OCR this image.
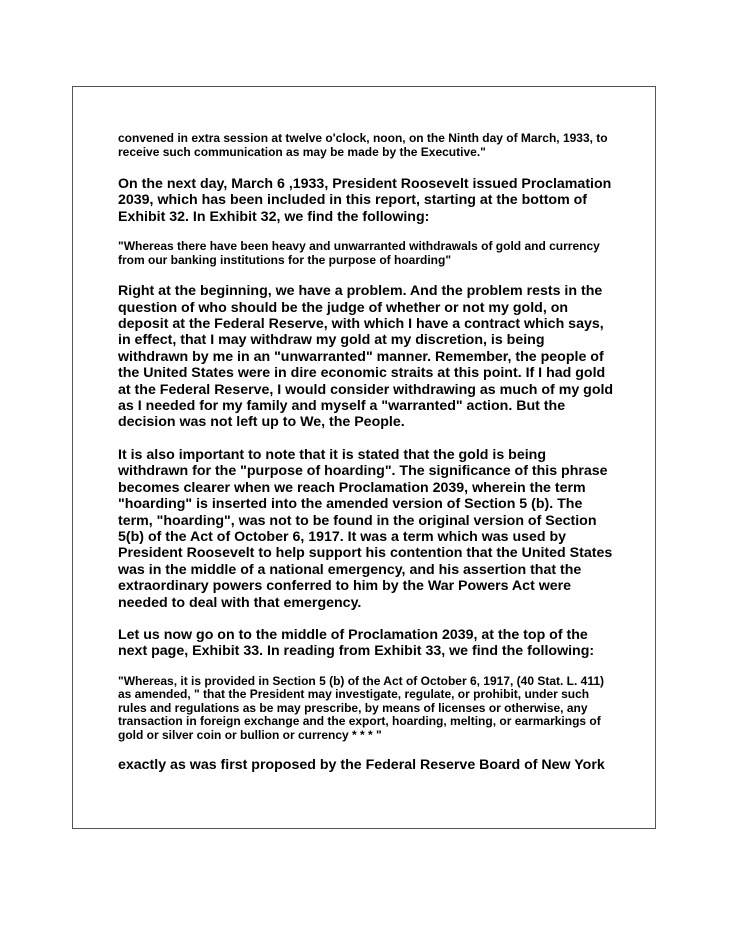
convened in extra session at twelve o'clock, noon, on the Ninth day of March, 1933, to receive such communication as may be made by the Executive."

On the next day, March 6 ,1933, President Roosevelt issued Proclamation 2039, which has been included in this report, starting at the bottom of Exhibit 32. In Exhibit 32, we find the following:

"Whereas there have been heavy and unwarranted withdrawals of gold and currency from our banking institutions for the purpose of hoarding"

Right at the beginning, we have a problem. And the problem rests in the question of who should be the judge of whether or not my gold, on deposit at the Federal Reserve, with which I have a contract which says, in effect, that I may withdraw my gold at my discretion, is being withdrawn by me in an "unwarranted" manner. Remember, the people of the United States were in dire economic straits at this point. If I had gold at the Federal Reserve, I would consider withdrawing as much of my gold as I needed for my family and myself a "warranted" action. But the decision was not left up to We, the People.

It is also important to note that it is stated that the gold is being withdrawn for the "purpose of hoarding". The significance of this phrase becomes clearer when we reach Proclamation 2039, wherein the term "hoarding" is inserted into the amended version of Section 5 (b). The term, "hoarding", was not to be found in the original version of Section 5(b) of the Act of October 6, 1917. It was a term which was used by President Roosevelt to help support his contention that the United States was in the middle of a national emergency, and his assertion that the extraordinary powers conferred to him by the War Powers Act were needed to deal with that emergency.

Let us now go on to the middle of Proclamation 2039, at the top of the next page, Exhibit 33. In reading from Exhibit 33, we find the following:

"Whereas, it is provided in Section 5 (b) of the Act of October 6, 1917, (40 Stat. L. 411) as amended, " that the President may investigate, regulate, or prohibit, under such rules and regulations as be may prescribe, by means of licenses or otherwise, any transaction in foreign exchange and the export, hoarding, melting, or earmarkings of gold or silver coin or bullion or currency * * * "

exactly as was first proposed by the Federal Reserve Board of New York
